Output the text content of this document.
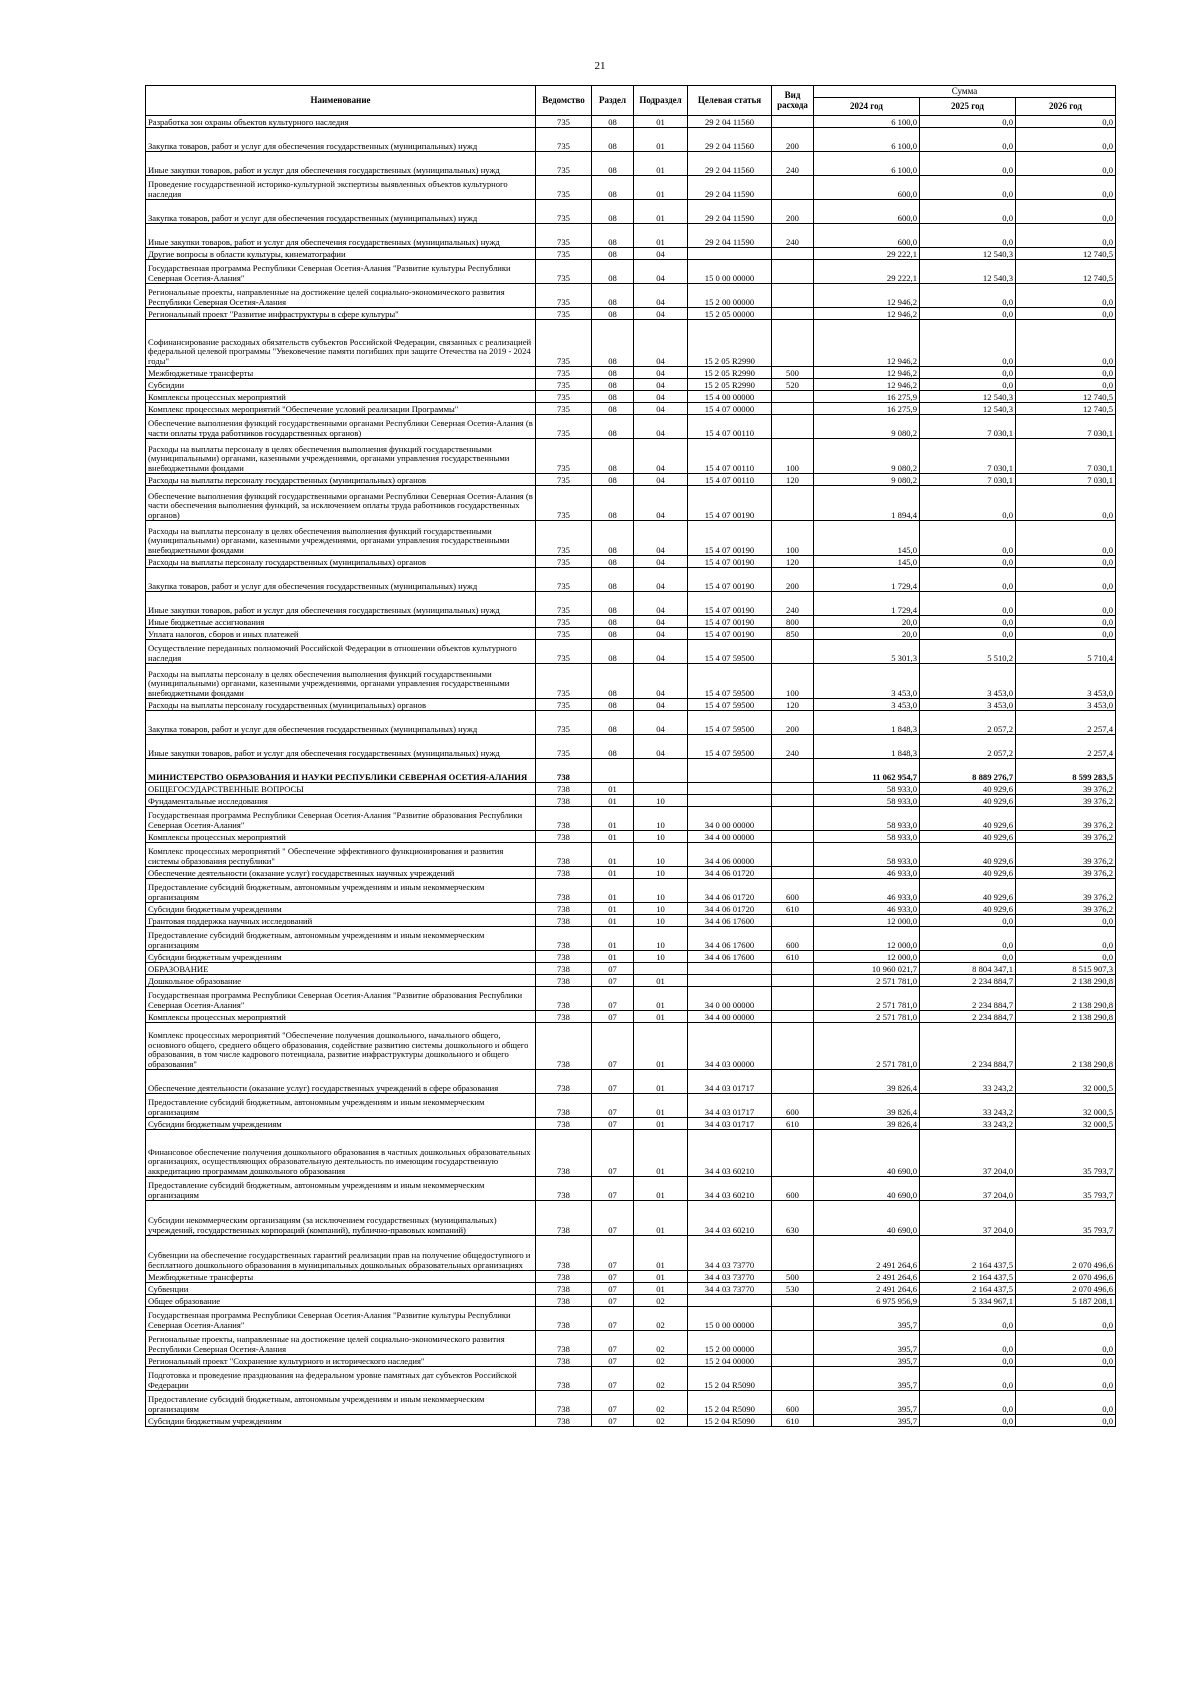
21
Наименование	Ведомство	Раздел	Подраздел	Целевая статья	Вид расхода	Сумма		
						2024 год	2025 год	2026 год
Разработка зон охраны объектов культурного наследия	735	08	01	29 2 04 11560		6 100,0	0,0	0,0
Закупка товаров, работ и услуг для обеспечения государственных (муниципальных) нужд	735	08	01	29 2 04 11560	200	6 100,0	0,0	0,0
Иные закупки товаров, работ и услуг для обеспечения государственных (муниципальных) нужд	735	08	01	29 2 04 11560	240	6 100,0	0,0	0,0
Проведение государственной историко-культурной экспертизы выявленных объектов культурного наследия	735	08	01	29 2 04 11590		600,0	0,0	0,0
Закупка товаров, работ и услуг для обеспечения государственных (муниципальных) нужд	735	08	01	29 2 04 11590	200	600,0	0,0	0,0
Иные закупки товаров, работ и услуг для обеспечения государственных (муниципальных) нужд	735	08	01	29 2 04 11590	240	600,0	0,0	0,0
Другие вопросы в области культуры, кинематографии	735	08	04			29 222,1	12 540,3	12 740,5
Государственная программа Республики Северная Осетия-Алания "Развитие культуры Республики Северная Осетия-Алания"	735	08	04	15 0 00 00000		29 222,1	12 540,3	12 740,5
Региональные проекты, направленные на достижение целей социально-экономического развития Республики Северная Осетия-Алания	735	08	04	15 2 00 00000		12 946,2	0,0	0,0
Региональный проект "Развитие инфраструктуры в сфере культуры"	735	08	04	15 2 05 00000		12 946,2	0,0	0,0
Софинансирование расходных обязательств субъектов Российской Федерации, связанных с реализацией федеральной целевой программы "Увековечение памяти погибших при защите Отечества на 2019 - 2024 годы"	735	08	04	15 2 05 R2990		12 946,2	0,0	0,0
Межбюджетные трансферты	735	08	04	15 2 05 R2990	500	12 946,2	0,0	0,0
Субсидии	735	08	04	15 2 05 R2990	520	12 946,2	0,0	0,0
Комплексы процессных мероприятий	735	08	04	15 4 00 00000		16 275,9	12 540,3	12 740,5
Комплекс процессных мероприятий "Обеспечение условий реализации Программы"	735	08	04	15 4 07 00000		16 275,9	12 540,3	12 740,5
Обеспечение выполнения функций государственными органами Республики Северная Осетия-Алания (в части оплаты труда работников государственных органов)	735	08	04	15 4 07 00110		9 080,2	7 030,1	7 030,1
Расходы на выплаты персоналу в целях обеспечения выполнения функций государственными (муниципальными) органами, казенными учреждениями, органами управления государственными внебюджетными фондами	735	08	04	15 4 07 00110	100	9 080,2	7 030,1	7 030,1
Расходы на выплаты персоналу государственных (муниципальных) органов	735	08	04	15 4 07 00110	120	9 080,2	7 030,1	7 030,1
Обеспечение выполнения функций государственными органами Республики Северная Осетия-Алания (в части обеспечения выполнения функций, за исключением оплаты труда работников государственных органов)	735	08	04	15 4 07 00190		1 894,4	0,0	0,0
Расходы на выплаты персоналу в целях обеспечения выполнения функций государственными (муниципальными) органами, казенными учреждениями, органами управления государственными внебюджетными фондами	735	08	04	15 4 07 00190	100	145,0	0,0	0,0
Расходы на выплаты персоналу государственных (муниципальных) органов	735	08	04	15 4 07 00190	120	145,0	0,0	0,0
Закупка товаров, работ и услуг для обеспечения государственных (муниципальных) нужд	735	08	04	15 4 07 00190	200	1 729,4	0,0	0,0
Иные закупки товаров, работ и услуг для обеспечения государственных (муниципальных) нужд	735	08	04	15 4 07 00190	240	1 729,4	0,0	0,0
Иные бюджетные ассигнования	735	08	04	15 4 07 00190	800	20,0	0,0	0,0
Уплата налогов, сборов и иных платежей	735	08	04	15 4 07 00190	850	20,0	0,0	0,0
Осуществление переданных полномочий Российской Федерации в отношении объектов культурного наследия	735	08	04	15 4 07 59500		5 301,3	5 510,2	5 710,4
Расходы на выплаты персоналу в целях обеспечения выполнения функций государственными (муниципальными) органами, казенными учреждениями, органами управления государственными внебюджетными фондами	735	08	04	15 4 07 59500	100	3 453,0	3 453,0	3 453,0
Расходы на выплаты персоналу государственных (муниципальных) органов	735	08	04	15 4 07 59500	120	3 453,0	3 453,0	3 453,0
Закупка товаров, работ и услуг для обеспечения государственных (муниципальных) нужд	735	08	04	15 4 07 59500	200	1 848,3	2 057,2	2 257,4
Иные закупки товаров, работ и услуг для обеспечения государственных (муниципальных) нужд	735	08	04	15 4 07 59500	240	1 848,3	2 057,2	2 257,4
МИНИСТЕРСТВО ОБРАЗОВАНИЯ И НАУКИ РЕСПУБЛИКИ СЕВЕРНАЯ ОСЕТИЯ-АЛАНИЯ	738					11 062 954,7	8 889 276,7	8 599 283,5
ОБЩЕГОСУДАРСТВЕННЫЕ ВОПРОСЫ	738	01				58 933,0	40 929,6	39 376,2
Фундаментальные исследования	738	01	10			58 933,0	40 929,6	39 376,2
Государственная программа Республики Северная Осетия-Алания "Развитие образования Республики Северная Осетия-Алания"	738	01	10	34 0 00 00000		58 933,0	40 929,6	39 376,2
Комплексы процессных мероприятий	738	01	10	34 4 00 00000		58 933,0	40 929,6	39 376,2
Комплекс процессных мероприятий " Обеспечение эффективного функционирования и развития системы образования республики"	738	01	10	34 4 06 00000		58 933,0	40 929,6	39 376,2
Обеспечение деятельности (оказание услуг) государственных научных учреждений	738	01	10	34 4 06 01720		46 933,0	40 929,6	39 376,2
Предоставление субсидий бюджетным, автономным учреждениям и иным некоммерческим организациям	738	01	10	34 4 06 01720	600	46 933,0	40 929,6	39 376,2
Субсидии бюджетным учреждениям	738	01	10	34 4 06 01720	610	46 933,0	40 929,6	39 376,2
Грантовая поддержка научных исследований	738	01	10	34 4 06 17600		12 000,0	0,0	0,0
Предоставление субсидий бюджетным, автономным учреждениям и иным некоммерческим организациям	738	01	10	34 4 06 17600	600	12 000,0	0,0	0,0
Субсидии бюджетным учреждениям	738	01	10	34 4 06 17600	610	12 000,0	0,0	0,0
ОБРАЗОВАНИЕ	738	07				10 960 021,7	8 804 347,1	8 515 907,3
Дошкольное образование	738	07	01			2 571 781,0	2 234 884,7	2 138 290,8
Государственная программа Республики Северная Осетия-Алания "Развитие образования Республики Северная Осетия-Алания"	738	07	01	34 0 00 00000		2 571 781,0	2 234 884,7	2 138 290,8
Комплексы процессных мероприятий	738	07	01	34 4 00 00000		2 571 781,0	2 234 884,7	2 138 290,8
Комплекс процессных мероприятий "Обеспечение получения дошкольного, начального общего, основного общего, среднего общего образования, содействие развитию системы дошкольного и общего образования, в том числе кадрового потенциала, развитие инфраструктуры дошкольного и общего образования"	738	07	01	34 4 03 00000		2 571 781,0	2 234 884,7	2 138 290,8
Обеспечение деятельности (оказание услуг) государственных учреждений в сфере образования	738	07	01	34 4 03 01717		39 826,4	33 243,2	32 000,5
Предоставление субсидий бюджетным, автономным учреждениям и иным некоммерческим организациям	738	07	01	34 4 03 01717	600	39 826,4	33 243,2	32 000,5
Субсидии бюджетным учреждениям	738	07	01	34 4 03 01717	610	39 826,4	33 243,2	32 000,5
Финансовое обеспечение получения дошкольного образования в частных дошкольных образовательных организациях, осуществляющих образовательную деятельность по имеющим государственную аккредитацию программам дошкольного образования	738	07	01	34 4 03 60210		40 690,0	37 204,0	35 793,7
Предоставление субсидий бюджетным, автономным учреждениям и иным некоммерческим организациям	738	07	01	34 4 03 60210	600	40 690,0	37 204,0	35 793,7
Субсидии некоммерческим организациям (за исключением государственных (муниципальных) учреждений, государственных корпораций (компаний), публично-правовых компаний)	738	07	01	34 4 03 60210	630	40 690,0	37 204,0	35 793,7
Субвенции на обеспечение государственных гарантий реализации прав на получение общедоступного и бесплатного дошкольного образования в муниципальных дошкольных образовательных организациях	738	07	01	34 4 03 73770		2 491 264,6	2 164 437,5	2 070 496,6
Межбюджетные трансферты	738	07	01	34 4 03 73770	500	2 491 264,6	2 164 437,5	2 070 496,6
Субвенции	738	07	01	34 4 03 73770	530	2 491 264,6	2 164 437,5	2 070 496,6
Общее образование	738	07	02			6 975 956,9	5 334 967,1	5 187 208,1
Государственная программа Республики Северная Осетия-Алания "Развитие культуры Республики Северная Осетия-Алания"	738	07	02	15 0 00 00000		395,7	0,0	0,0
Региональные проекты, направленные на достижение целей социально-экономического развития Республики Северная Осетия-Алания	738	07	02	15 2 00 00000		395,7	0,0	0,0
Региональный проект "Сохранение культурного и исторического наследия"	738	07	02	15 2 04 00000		395,7	0,0	0,0
Подготовка и проведение празднования на федеральном уровне памятных дат субъектов Российской Федерации	738	07	02	15 2 04 R5090		395,7	0,0	0,0
Предоставление субсидий бюджетным, автономным учреждениям и иным некоммерческим организациям	738	07	02	15 2 04 R5090	600	395,7	0,0	0,0
Субсидии бюджетным учреждениям	738	07	02	15 2 04 R5090	610	395,7	0,0	0,0
